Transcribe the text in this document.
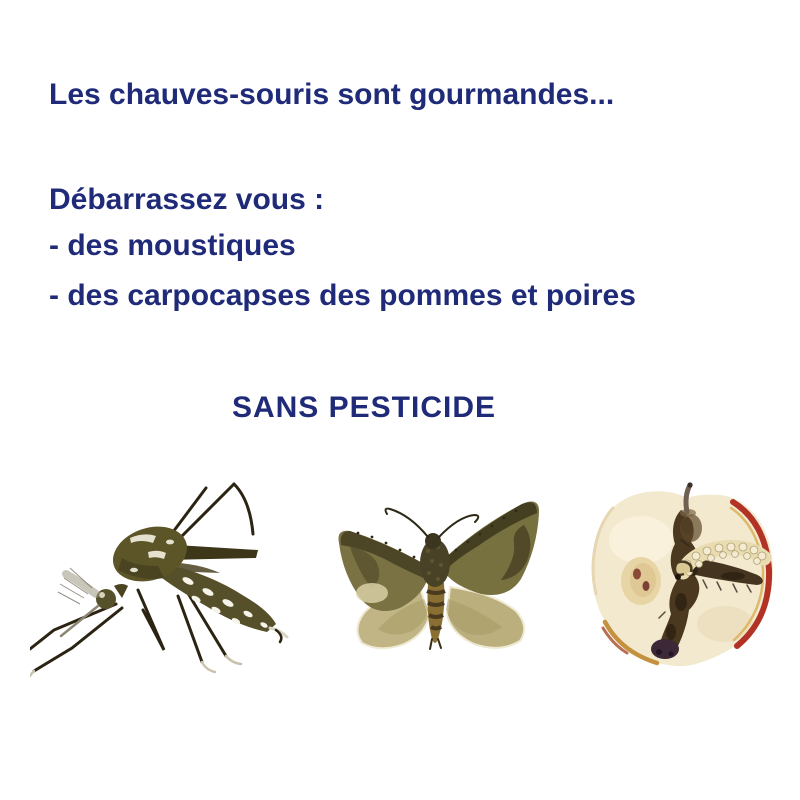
Les chauves-souris sont gourmandes...
Débarrassez vous :
- des moustiques
- des carpocapses des pommes et poires
SANS PESTICIDE
